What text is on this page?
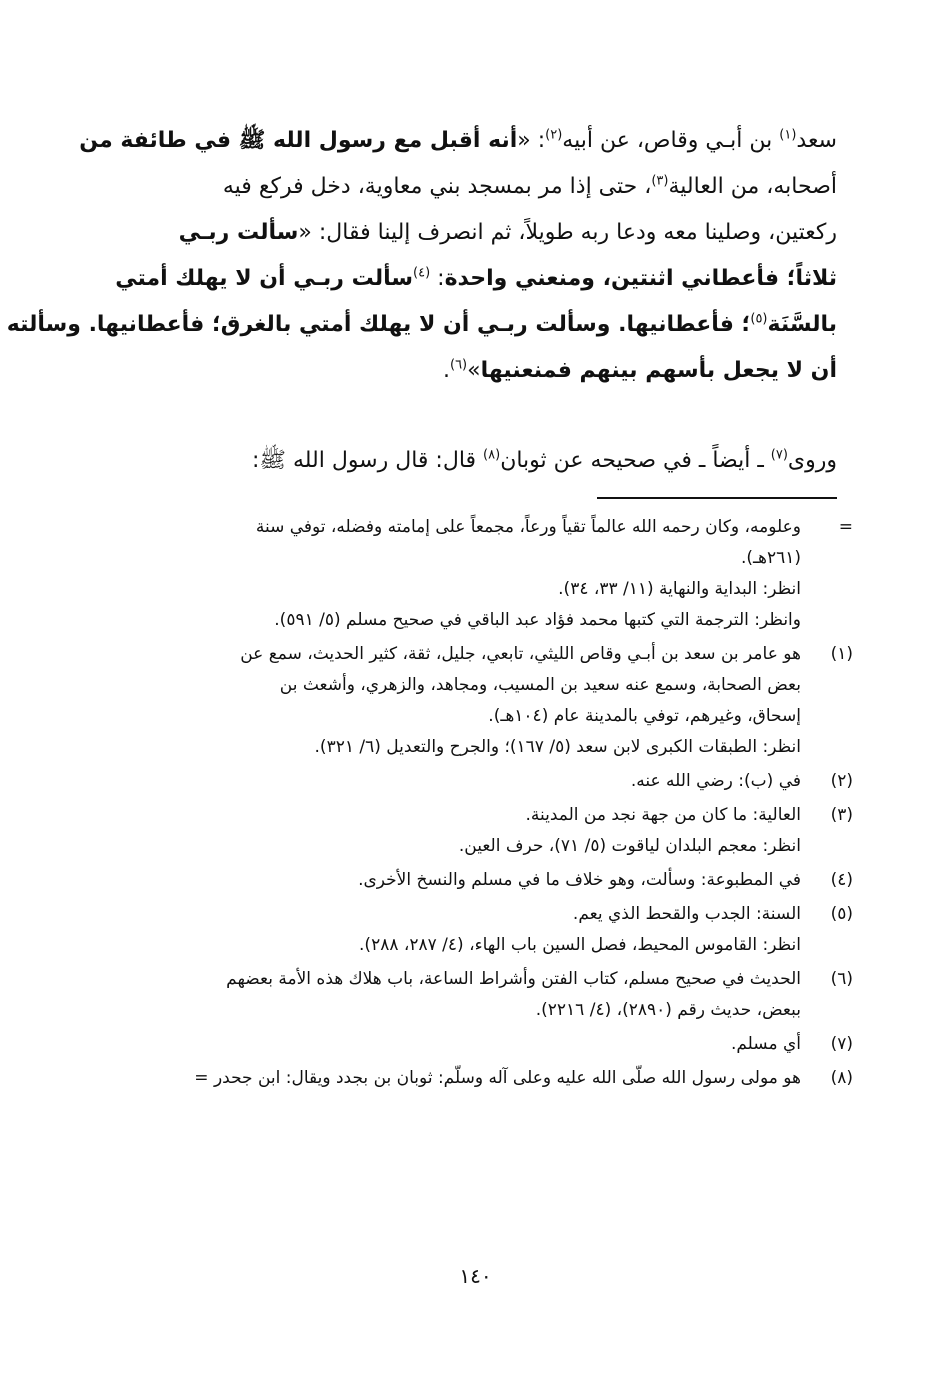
سعد$^{(١)}$ بن أبـي وقاص، عن أبيه$^{(٢)}$: «أنه أقبل مع رسول الله ﷺ في طائفة من
أصحابه، من العالية$^{(٣)}$، حتى إذا مر بمسجد بني معاوية، دخل فركع فيه
ركعتين، وصلينا معه ودعا ربه طويلاً، ثم انصرف إلينا فقال: «سألت ربـي
ثلاثاً؛ فأعطاني اثنتين، ومنعني واحدة: $^{(٤)}$سألت ربـي أن لا يهلك أمتي
بالسَّنَة$^{(٥)}$؛ فأعطانيها. وسألت ربـي أن لا يهلك أمتي بالغرق؛ فأعطانيها. وسألته
أن لا يجعل بأسهم بينهم فمنعنيها»$^{(٦)}$.
وروى$^{(٧)}$ ـ أيضاً ـ في صحيحه عن ثوبان$^{(٨)}$ قال: قال رسول الله ﷺ:
=
وعلومه، وكان رحمه الله عالماً تقياً ورعاً، مجمعاً على إمامته وفضله، توفي سنة
(٢٦١هـ).
انظر: البداية والنهاية (١١/ ٣٣، ٣٤).
وانظر: الترجمة التي كتبها محمد فؤاد عبد الباقي في صحيح مسلم (٥/ ٥٩١).
(١)
هو عامر بن سعد بن أبـي وقاص الليثي، تابعي، جليل، ثقة، كثير الحديث، سمع عن
بعض الصحابة، وسمع عنه سعيد بن المسيب، ومجاهد، والزهري، وأشعث بن
إسحاق، وغيرهم، توفي بالمدينة عام (١٠٤هـ).
انظر: الطبقات الكبرى لابن سعد (٥/ ١٦٧)؛ والجرح والتعديل (٦/ ٣٢١).
(٢)
في (ب): رضي الله عنه.
(٣)
العالية: ما كان من جهة نجد من المدينة.
انظر: معجم البلدان لياقوت (٥/ ٧١)، حرف العين.
(٤)
في المطبوعة: وسألت، وهو خلاف ما في مسلم والنسخ الأخرى.
(٥)
السنة: الجدب والقحط الذي يعم.
انظر: القاموس المحيط، فصل السين باب الهاء، (٤/ ٢٨٧، ٢٨٨).
(٦)
الحديث في صحيح مسلم، كتاب الفتن وأشراط الساعة، باب هلاك هذه الأمة بعضهم
ببعض، حديث رقم (٢٨٩٠)، (٤/ ٢٢١٦).
(٧)
أي مسلم.
(٨)
هو مولى رسول الله صلّى الله عليه وعلى آله وسلّم: ثوبان بن بجدد ويقال: ابن جحدر =
١٤٠
